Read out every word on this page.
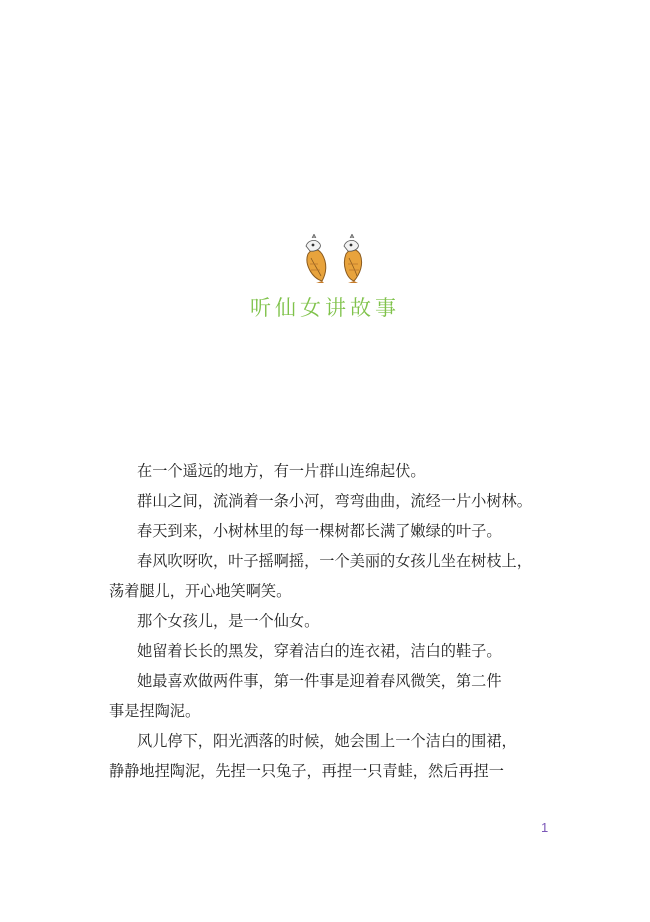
听仙女讲故事

在一个遥远的地方，有一片群山连绵起伏。

群山之间，流淌着一条小河，弯弯曲曲，流经一片小树林。

春天到来，小树林里的每一棵树都长满了嫩绿的叶子。

春风吹呀吹，叶子摇啊摇，一个美丽的女孩儿坐在树枝上，

荡着腿儿，开心地笑啊笑。

那个女孩儿，是一个仙女。

她留着长长的黑发，穿着洁白的连衣裙，洁白的鞋子。

她最喜欢做两件事，第一件事是迎着春风微笑，第二件

事是捏陶泥。

风儿停下，阳光洒落的时候，她会围上一个洁白的围裙，

静静地捏陶泥，先捏一只兔子，再捏一只青蛙，然后再捏一

1
